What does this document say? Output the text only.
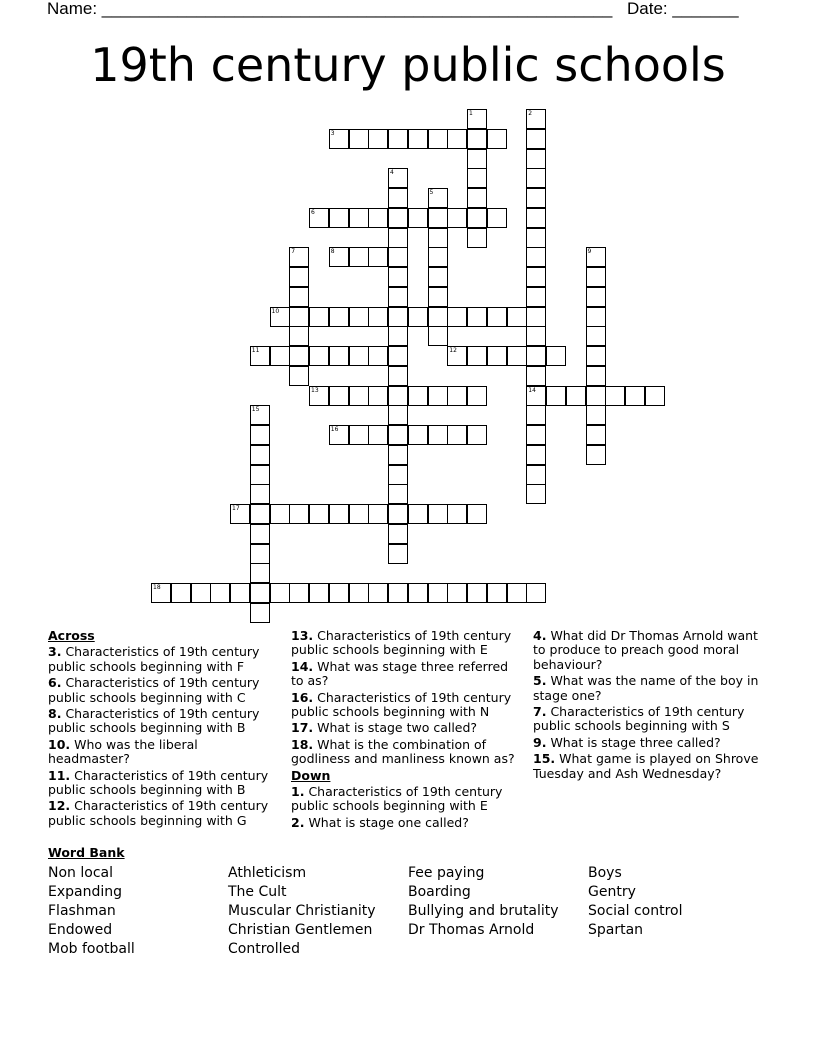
Name: ______________________________________________________ Date: _______
19th century public schools
1	2
14
3
4
5
6
7	8	9
10
11	12
13
15
16
17
18
Across
3. Characteristics of 19th century public schools beginning with F
6. Characteristics of 19th century public schools beginning with C
8. Characteristics of 19th century public schools beginning with B
10. Who was the liberal headmaster?
11. Characteristics of 19th century public schools beginning with B
12. Characteristics of 19th century public schools beginning with G
13. Characteristics of 19th century public schools beginning with E
14. What was stage three referred to as?
16. Characteristics of 19th century public schools beginning with N
17. What is stage two called?
18. What is the combination of godliness and manliness known as?
Down
1. Characteristics of 19th century public schools beginning with E
2. What is stage one called?
4. What did Dr Thomas Arnold want to produce to preach good moral behaviour?
5. What was the name of the boy in stage one?
7. Characteristics of 19th century public schools beginning with S
9. What is stage three called?
15. What game is played on Shrove Tuesday and Ash Wednesday?
Word Bank
Non local
Expanding
Flashman
Endowed
Mob football
Athleticism
The Cult
Muscular Christianity
Christian Gentlemen
Controlled
Fee paying
Boarding
Bullying and brutality
Dr Thomas Arnold
Boys
Gentry
Social control
Spartan
